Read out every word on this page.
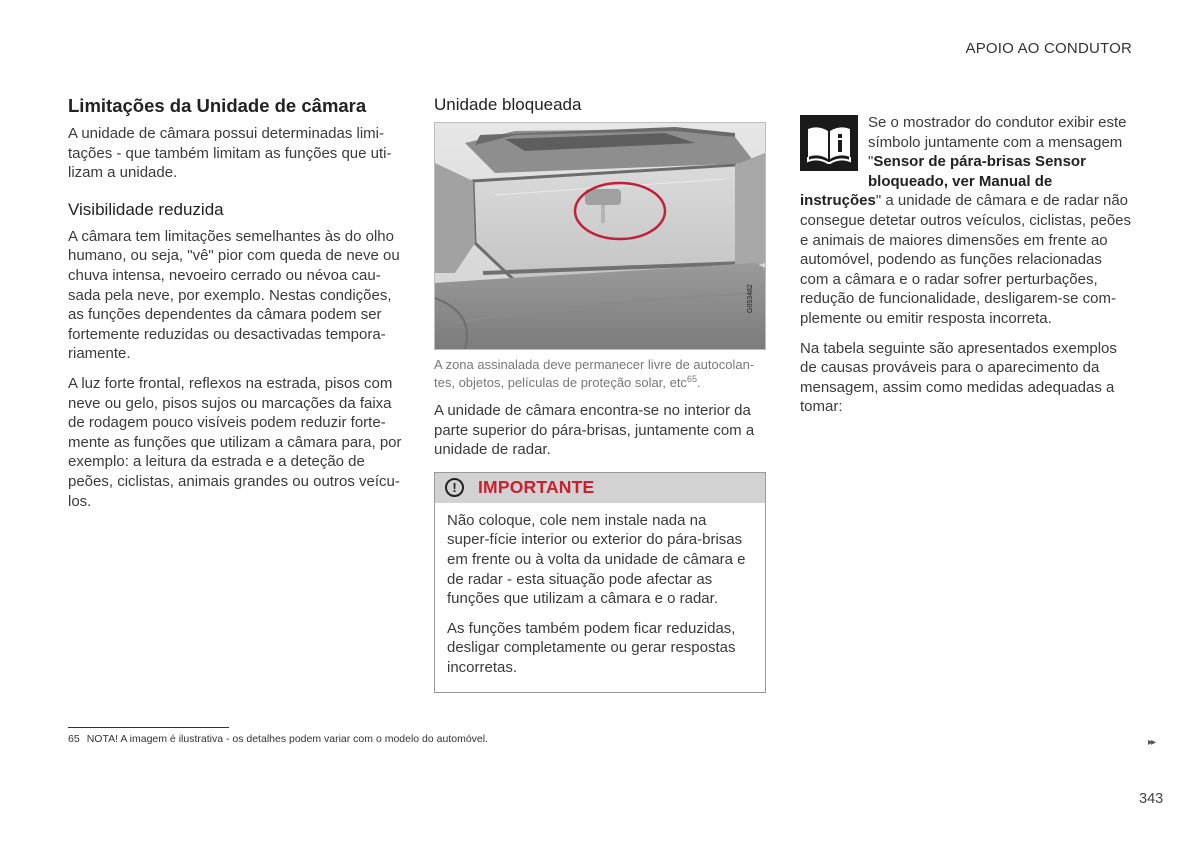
APOIO AO CONDUTOR
Limitações da Unidade de câmara

A unidade de câmara possui determinadas limi-tações - que também limitam as funções que uti-lizam a unidade.

Visibilidade reduzida

A câmara tem limitações semelhantes às do olho humano, ou seja, "vê" pior com queda de neve ou chuva intensa, nevoeiro cerrado ou névoa cau-sada pela neve, por exemplo. Nestas condições, as funções dependentes da câmara podem ser fortemente reduzidas ou desactivadas tempora-riamente.

A luz forte frontal, reflexos na estrada, pisos com neve ou gelo, pisos sujos ou marcações da faixa de rodagem pouco visíveis podem reduzir forte-mente as funções que utilizam a câmara para, por exemplo: a leitura da estrada e a deteção de peões, ciclistas, animais grandes ou outros veícu-los.

Unidade bloqueada
G053482
A zona assinalada deve permanecer livre de autocolan-tes, objetos, películas de proteção solar, etc$^{65}$.

A unidade de câmara encontra-se no interior da parte superior do pára-brisas, juntamente com a unidade de radar.

!	IMPORTANTE

Não coloque, cole nem instale nada na super-fície interior ou exterior do pára-brisas em frente ou à volta da unidade de câmara e de radar - esta situação pode afectar as funções que utilizam a câmara e o radar.

As funções também podem ficar reduzidas, desligar completamente ou gerar respostas incorretas.

Se o mostrador do condutor exibir este

símbolo juntamente com a mensagem

"Sensor de pára-brisas Sensor

bloqueado, ver Manual de

instruções" a unidade de câmara e de radar não

consegue detetar outros veículos, ciclistas, peões e animais de maiores dimensões em frente ao automóvel, podendo as funções relacionadas com a câmara e o radar sofrer perturbações, redução de funcionalidade, desligarem-se com-plemente ou emitir resposta incorreta.

Na tabela seguinte são apresentados exemplos de causas prováveis para o aparecimento da mensagem, assim como medidas adequadas a tomar:

65 NOTA! A imagem é ilustrativa - os detalhes podem variar com o modelo do automóvel.	▸▸
343
